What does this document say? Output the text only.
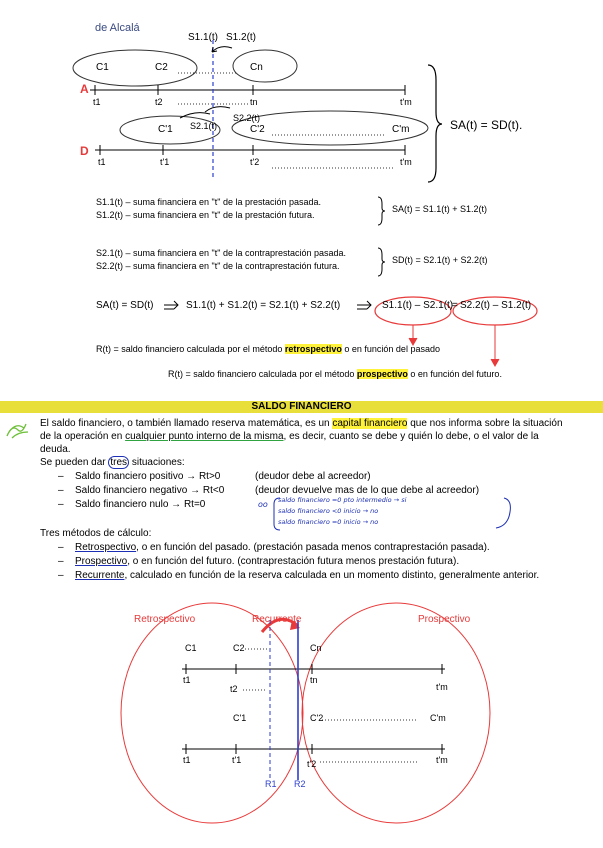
de Alcalá
S1.1(t) S1.2(t)
C1	C2	Cn
A
t1	t2	tn	t'm
S2.2(t)
S2.1(t)
C'1	C'2	C'm
D
t1	t'1	t'2	t'm
SA(t) = SD(t).
S1.1(t) – suma financiera en "t" de la prestación pasada.
S1.2(t) – suma financiera en "t" de la prestación futura.
SA(t) = S1.1(t) + S1.2(t)
S2.1(t) – suma financiera en "t" de la contraprestación pasada.
S2.2(t) – suma financiera en "t" de la contraprestación futura.
SD(t) = S2.1(t) + S2.2(t)
SA(t) = SD(t)	S1.1(t) + S1.2(t) = S2.1(t) + S2.2(t)	S1.1(t) – S2.1(t)
= S2.2(t) – S1.2(t)
R(t) = saldo financiero calculada por el método retrospectivo o en función del pasado
R(t) = saldo financiero calculada por el método prospectivo o en función del futuro.
SALDO FINANCIERO
El saldo financiero, o también llamado reserva matemática, es un capital financiero que nos informa sobre la situación
de la operación en cualquier punto interno de la misma, es decir, cuanto se debe y quién lo debe, o el valor de la
deuda.
Se pueden dar tres situaciones:
– Saldo financiero positivo → Rt>0	(deudor debe al acreedor)
– Saldo financiero negativo → Rt<0	(deudor devuelve mas de lo que debe al acreedor)
– Saldo financiero nulo → Rt=0	oo saldo financiero =0 pto intermedio → si
saldo financiero <0 inicio → no
saldo financiero =0 inicio → no
Tres métodos de cálculo:
– Retrospectivo, o en función del pasado. (prestación pasada menos contraprestación pasada).
– Prospectivo, o en función del futuro. (contraprestación futura menos prestación futura).
– Recurrente, calculado en función de la reserva calculada en un momento distinto, generalmente anterior.
Recurrente
Retrospectivo	Prospectivo
C1	C2	Cn
t1	tn
t'm
t2
C'1	C'2	C'm
t1	t'1	t'2	t'm
R1 R2
